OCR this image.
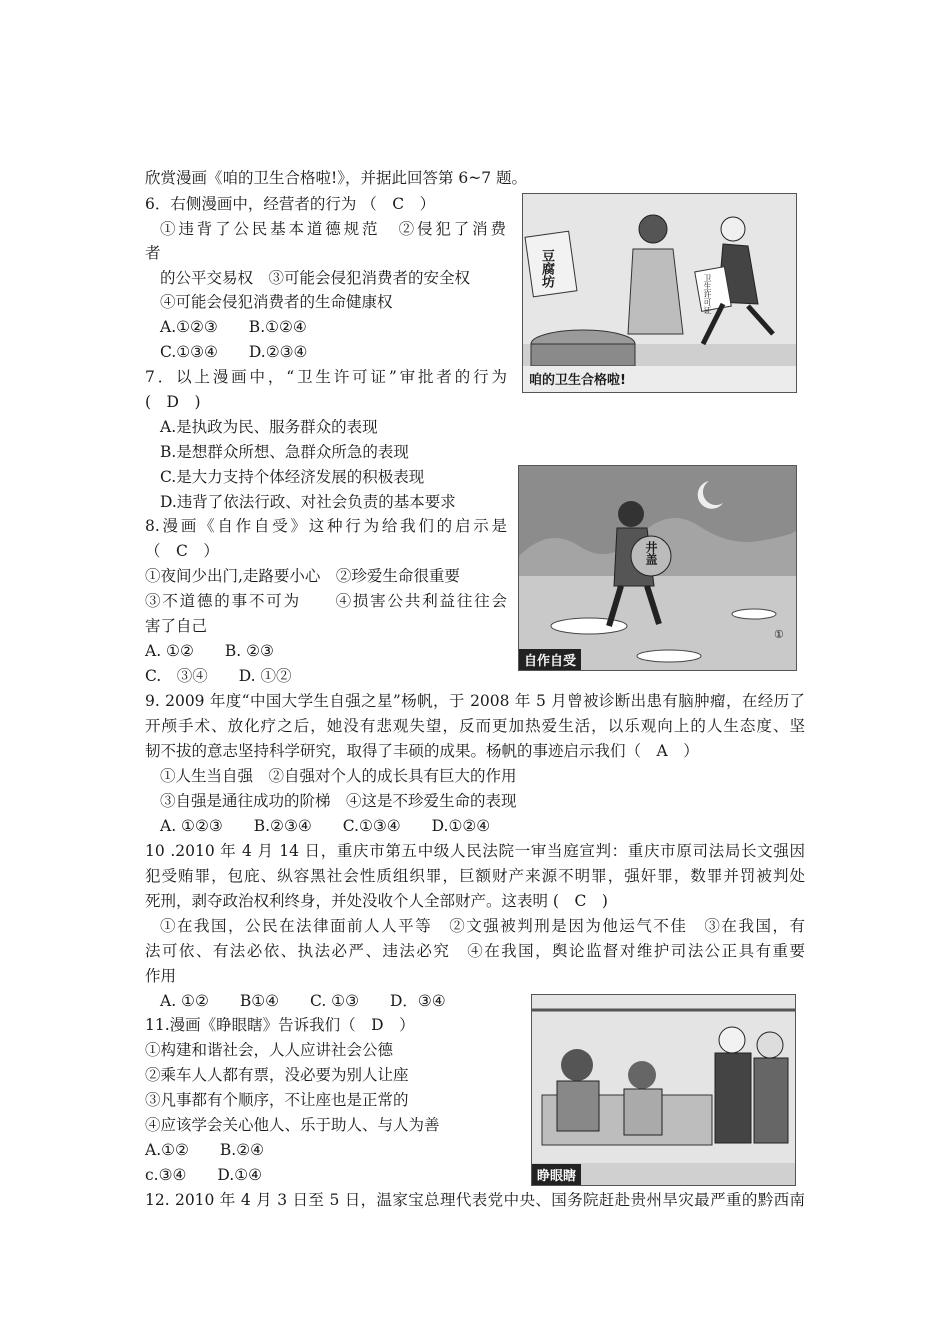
欣赏漫画《咱的卫生合格啦!》，并据此回答第 6~7 题。
6．右侧漫画中，经营者的行为 （　C　）
①违背了公民基本道德规范　②侵犯了消费
者
的公平交易权　③可能会侵犯消费者的安全权
④可能会侵犯消费者的生命健康权
A.①②③　　B.①②④
C.①③④　　D.②③④
7．以上漫画中，“卫生许可证”审批者的行为
(　D　)
A.是执政为民、服务群众的表现
B.是想群众所想、急群众所急的表现
C.是大力支持个体经济发展的积极表现
D.违背了依法行政、对社会负责的基本要求
8.漫画《自作自受》这种行为给我们的启示是
（　C　）
①夜间少出门,走路要小心　②珍爱生命很重要
③不道德的事不可为　　④损害公共利益往往会
害了自己
A. ①②　　B. ②③
C.　③④　　D. ①②
9. 2009 年度“中国大学生自强之星”杨帆，于 2008 年 5 月曾被诊断出患有脑肿瘤，在经历了
开颅手术、放化疗之后，她没有悲观失望，反而更加热爱生活，以乐观向上的人生态度、坚
韧不拔的意志坚持科学研究，取得了丰硕的成果。杨帆的事迹启示我们（　A　）
①人生当自强　②自强对个人的成长具有巨大的作用
③自强是通往成功的阶梯　④这是不珍爱生命的表现
A. ①②③　　B.②③④　　C.①③④　　D.①②④
10 .2010 年 4 月 14 日，重庆市第五中级人民法院一审当庭宣判：重庆市原司法局长文强因
犯受贿罪，包庇、纵容黑社会性质组织罪，巨额财产来源不明罪，强奸罪，数罪并罚被判处
死刑，剥夺政治权利终身，并处没收个人全部财产。这表明 (　C　)
①在我国，公民在法律面前人人平等　②文强被判刑是因为他运气不佳　③在我国，有
法可依、有法必依、执法必严、违法必究　④在我国，舆论监督对维护司法公正具有重要
作用
A. ①②　　B①④　　C. ①③　　D．③④
11.漫画《睁眼瞎》告诉我们（　D　）
①构建和谐社会，人人应讲社会公德
②乘车人人都有票，没必要为别人让座
③凡事都有个顺序，不让座也是正常的
④应该学会关心他人、乐于助人、与人为善
A.①②　　B.②④
c.③④　　D.①④
12. 2010 年 4 月 3 日至 5 日，温家宝总理代表党中央、国务院赶赴贵州旱灾最严重的黔西南
豆腐坊
卫生许可证
咱的卫生合格啦!
井盖
①
自作自受
睁眼瞎
